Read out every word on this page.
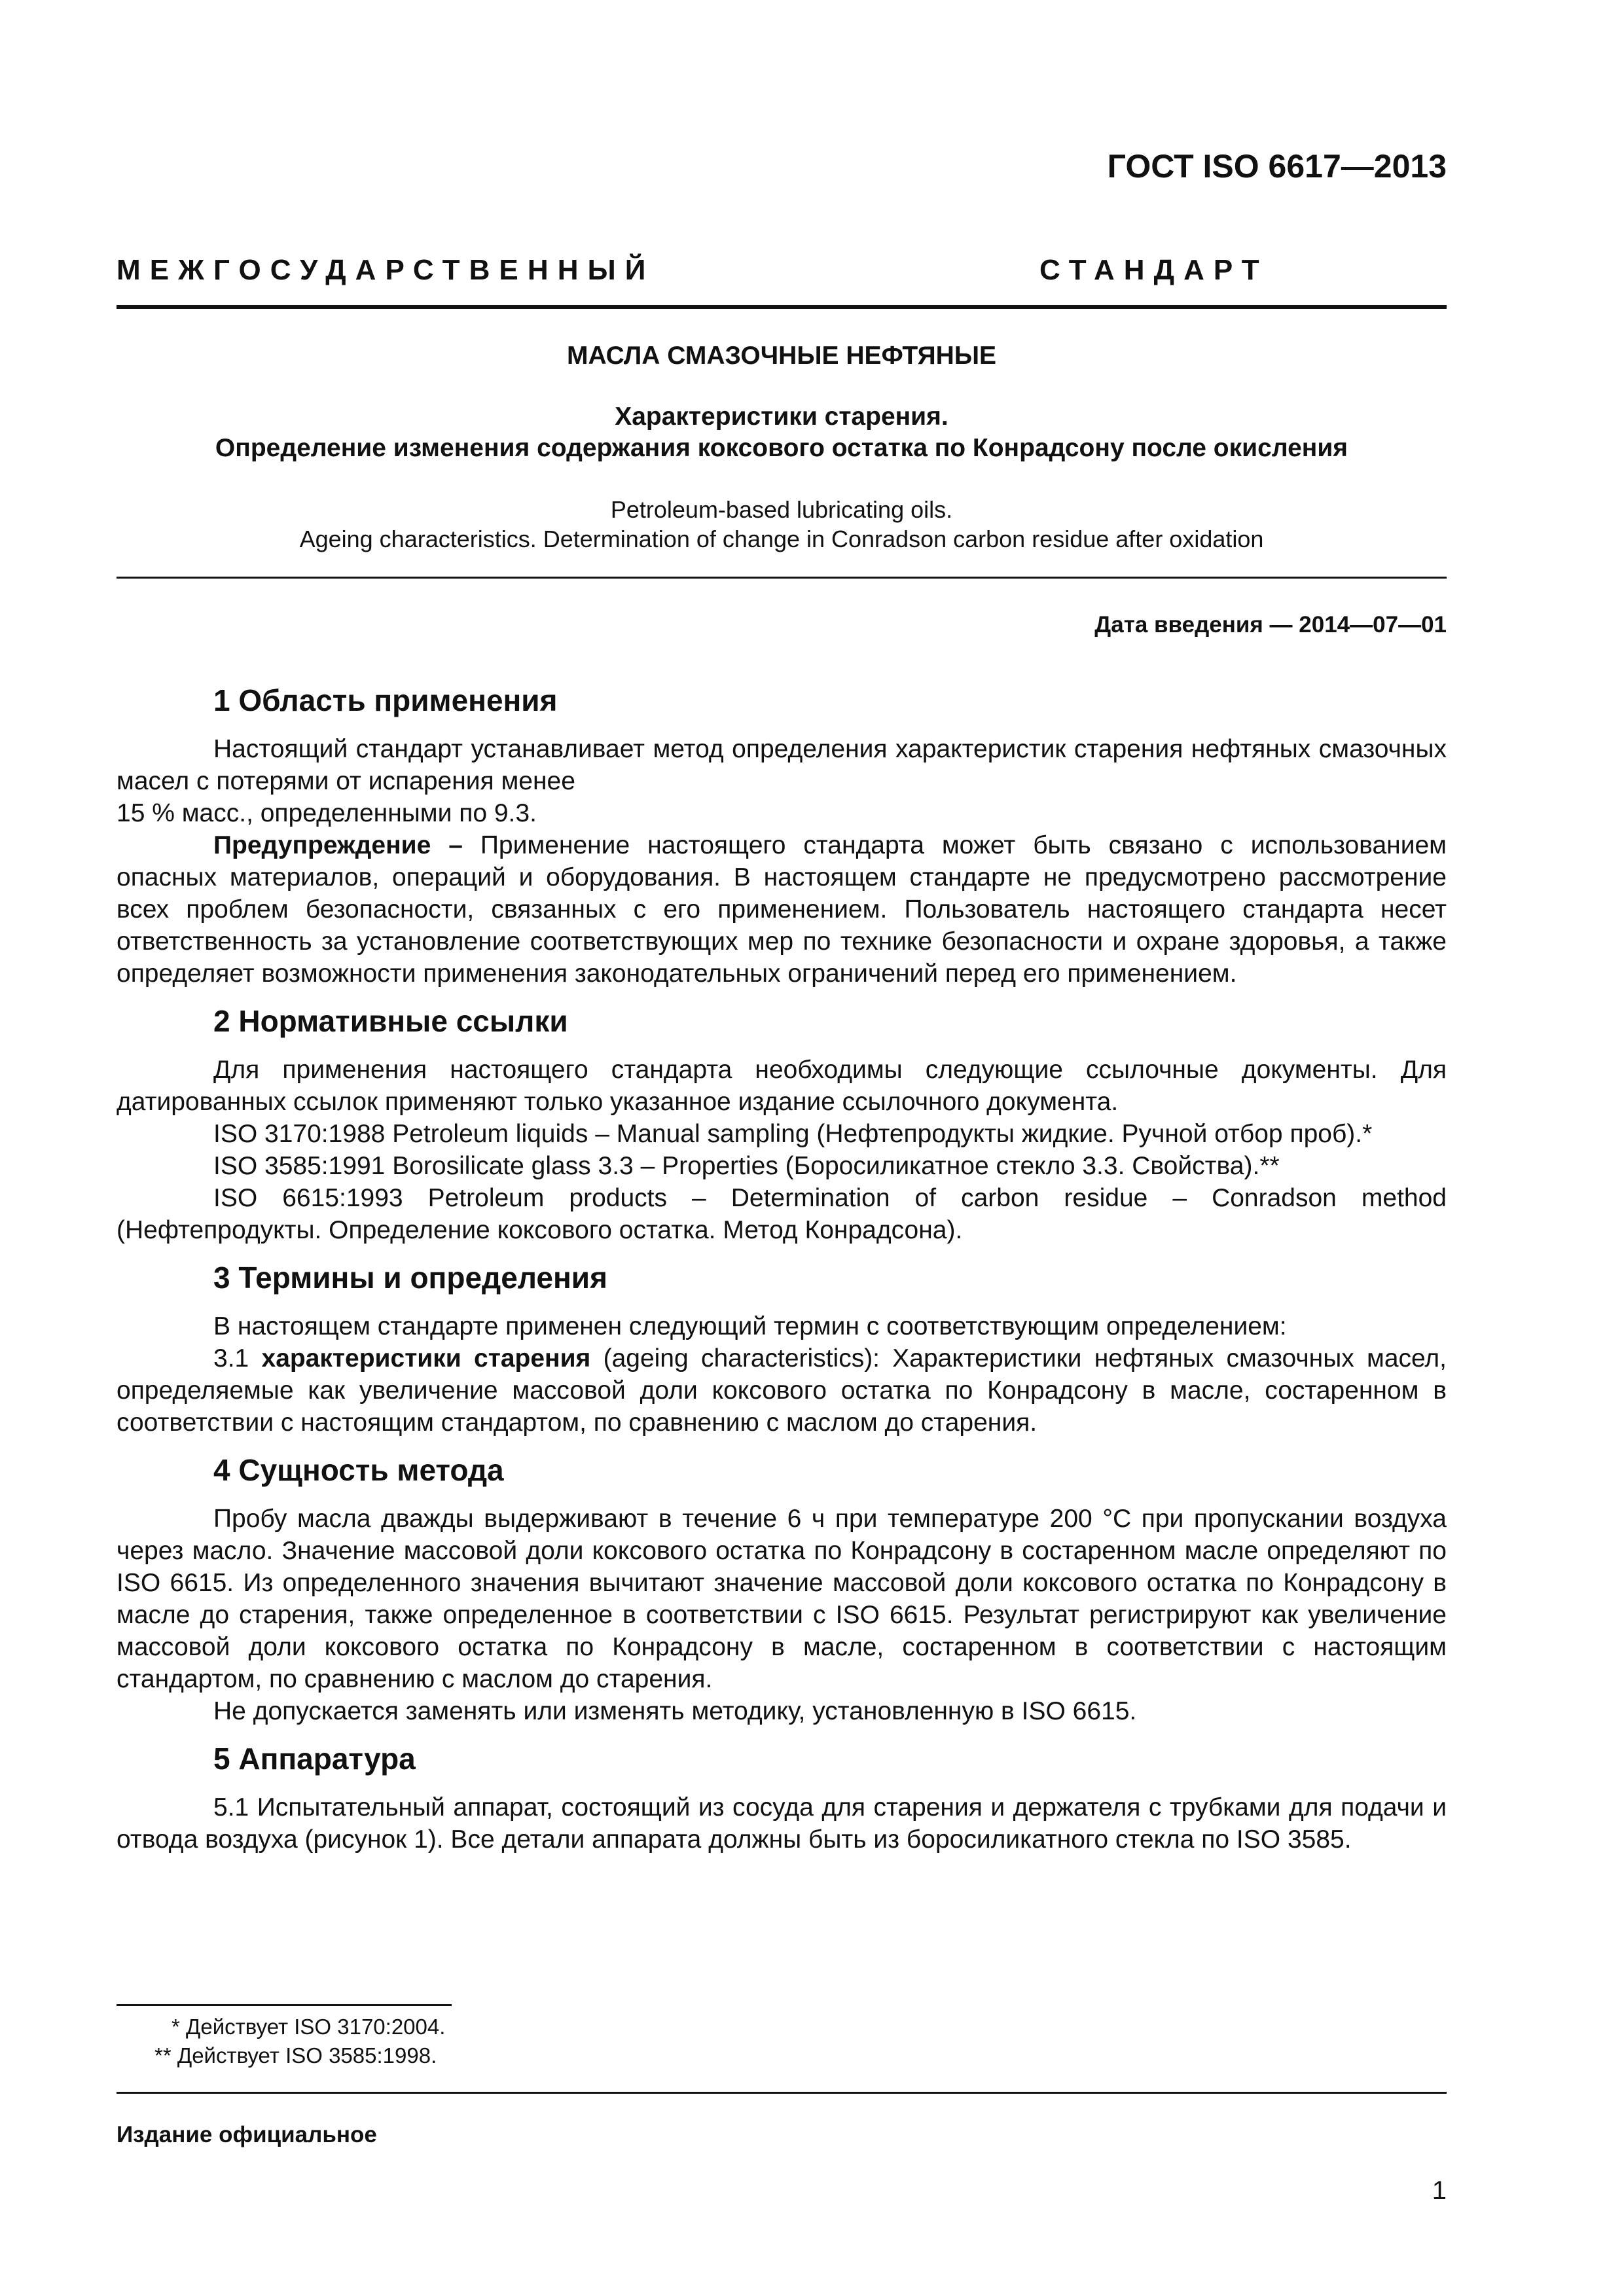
ГОСТ ISO 6617—2013
МЕЖГОСУДАРСТВЕННЫЙ	СТАНДАРТ
МАСЛА СМАЗОЧНЫЕ НЕФТЯНЫЕ
Характеристики старения.
Определение изменения содержания коксового остатка по Конрадсону после окисления
Petroleum-based lubricating oils.
Ageing characteristics. Determination of change in Conradson carbon residue after oxidation
Дата введения — 2014—07—01
1 Область применения

Настоящий стандарт устанавливает метод определения характеристик старения нефтяных смазочных масел с потерями от испарения менее

15 % масс., определенными по 9.3.

Предупреждение – Применение настоящего стандарта может быть связано с использованием опасных материалов, операций и оборудования. В настоящем стандарте не предусмотрено рассмотрение всех проблем безопасности, связанных с его применением. Пользователь настоящего стандарта несет ответственность за установление соответствующих мер по технике безопасности и охране здоровья, а также определяет возможности применения законодательных ограничений перед его применением.

2 Нормативные ссылки

Для применения настоящего стандарта необходимы следующие ссылочные документы. Для датированных ссылок применяют только указанное издание ссылочного документа.

ISO 3170:1988 Petroleum liquids – Manual sampling (Нефтепродукты жидкие. Ручной отбор проб).*

ISO 3585:1991 Borosilicate glass 3.3 – Properties (Боросиликатное стекло 3.3. Свойства).**

ISO 6615:1993 Petroleum products – Determination of carbon residue – Conradson method (Нефтепродукты. Определение коксового остатка. Метод Конрадсона).

3 Термины и определения

В настоящем стандарте применен следующий термин с соответствующим определением:

3.1 характеристики старения (ageing characteristics): Характеристики нефтяных смазочных масел, определяемые как увеличение массовой доли коксового остатка по Конрадсону в масле, состаренном в соответствии с настоящим стандартом, по сравнению с маслом до старения.

4 Сущность метода

Пробу масла дважды выдерживают в течение 6 ч при температуре 200 °С при пропускании воздуха через масло. Значение массовой доли коксового остатка по Конрадсону в состаренном масле определяют по ISO 6615. Из определенного значения вычитают значение массовой доли коксового остатка по Конрадсону в масле до старения, также определенное в соответствии с ISO 6615. Результат регистрируют как увеличение массовой доли коксового остатка по Конрадсону в масле, состаренном в соответствии с настоящим стандартом, по сравнению с маслом до старения.

Не допускается заменять или изменять методику, установленную в ISO 6615.

5 Аппаратура

5.1 Испытательный аппарат, состоящий из сосуда для старения и держателя с трубками для подачи и отвода воздуха (рисунок 1). Все детали аппарата должны быть из боросиликатного стекла по ISO 3585.

* Действует ISO 3170:2004.
** Действует ISO 3585:1998.
Издание официальное
1
